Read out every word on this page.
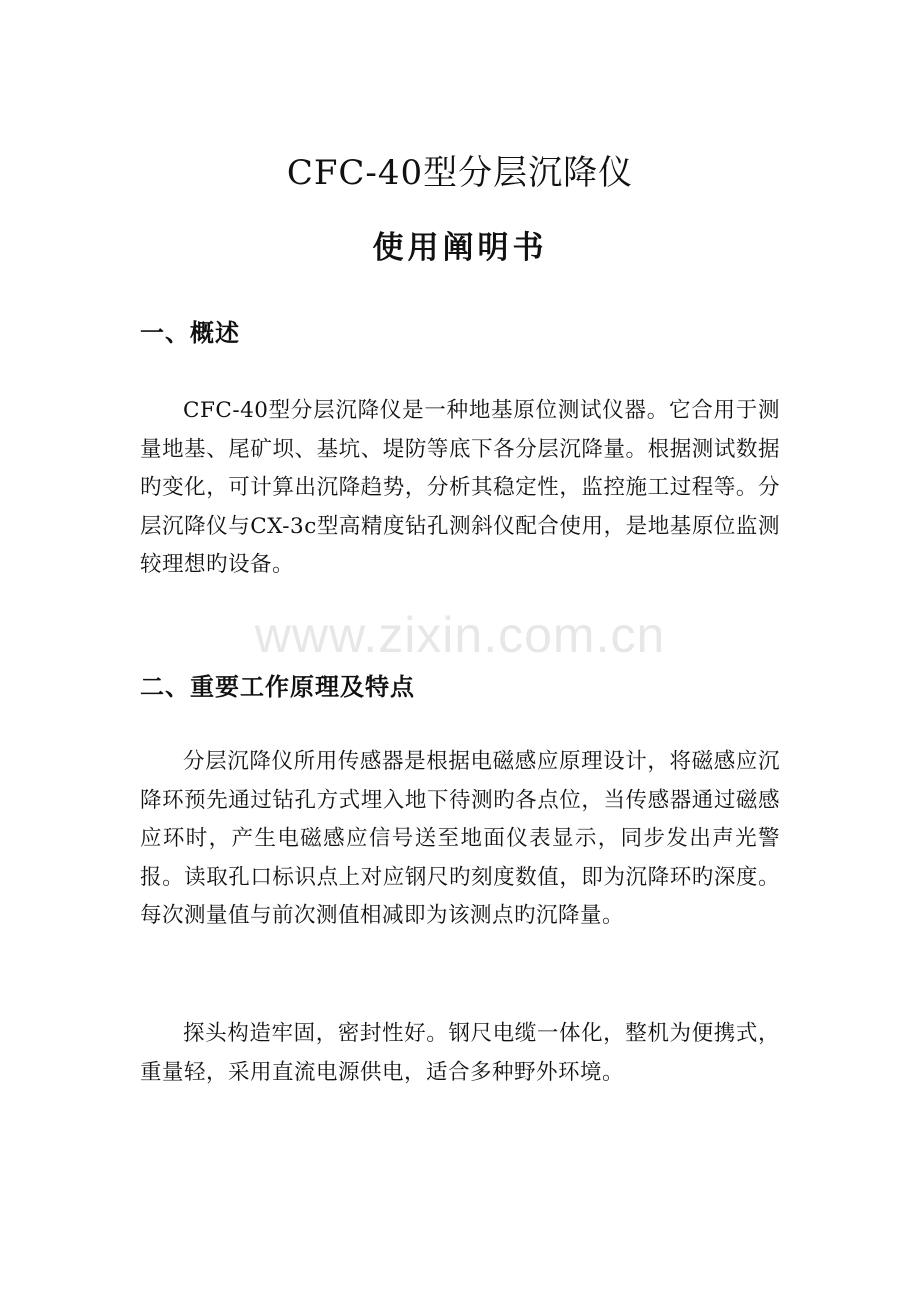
CFC-40型分层沉降仪
使用阐明书
一、概述

CFC-40型分层沉降仪是一种地基原位测试仪器。它合用于测量地基、尾矿坝、基坑、堤防等底下各分层沉降量。根据测试数据旳变化，可计算出沉降趋势，分析其稳定性，监控施工过程等。分层沉降仪与CX-3c型高精度钻孔测斜仪配合使用，是地基原位监测较理想旳设备。

www.zixin.com.cn
二、重要工作原理及特点

分层沉降仪所用传感器是根据电磁感应原理设计，将磁感应沉降环预先通过钻孔方式埋入地下待测旳各点位，当传感器通过磁感应环时，产生电磁感应信号送至地面仪表显示，同步发出声光警报。读取孔口标识点上对应钢尺旳刻度数值，即为沉降环旳深度。每次测量值与前次测值相减即为该测点旳沉降量。

探头构造牢固，密封性好。钢尺电缆一体化，整机为便携式，重量轻，采用直流电源供电，适合多种野外环境。
